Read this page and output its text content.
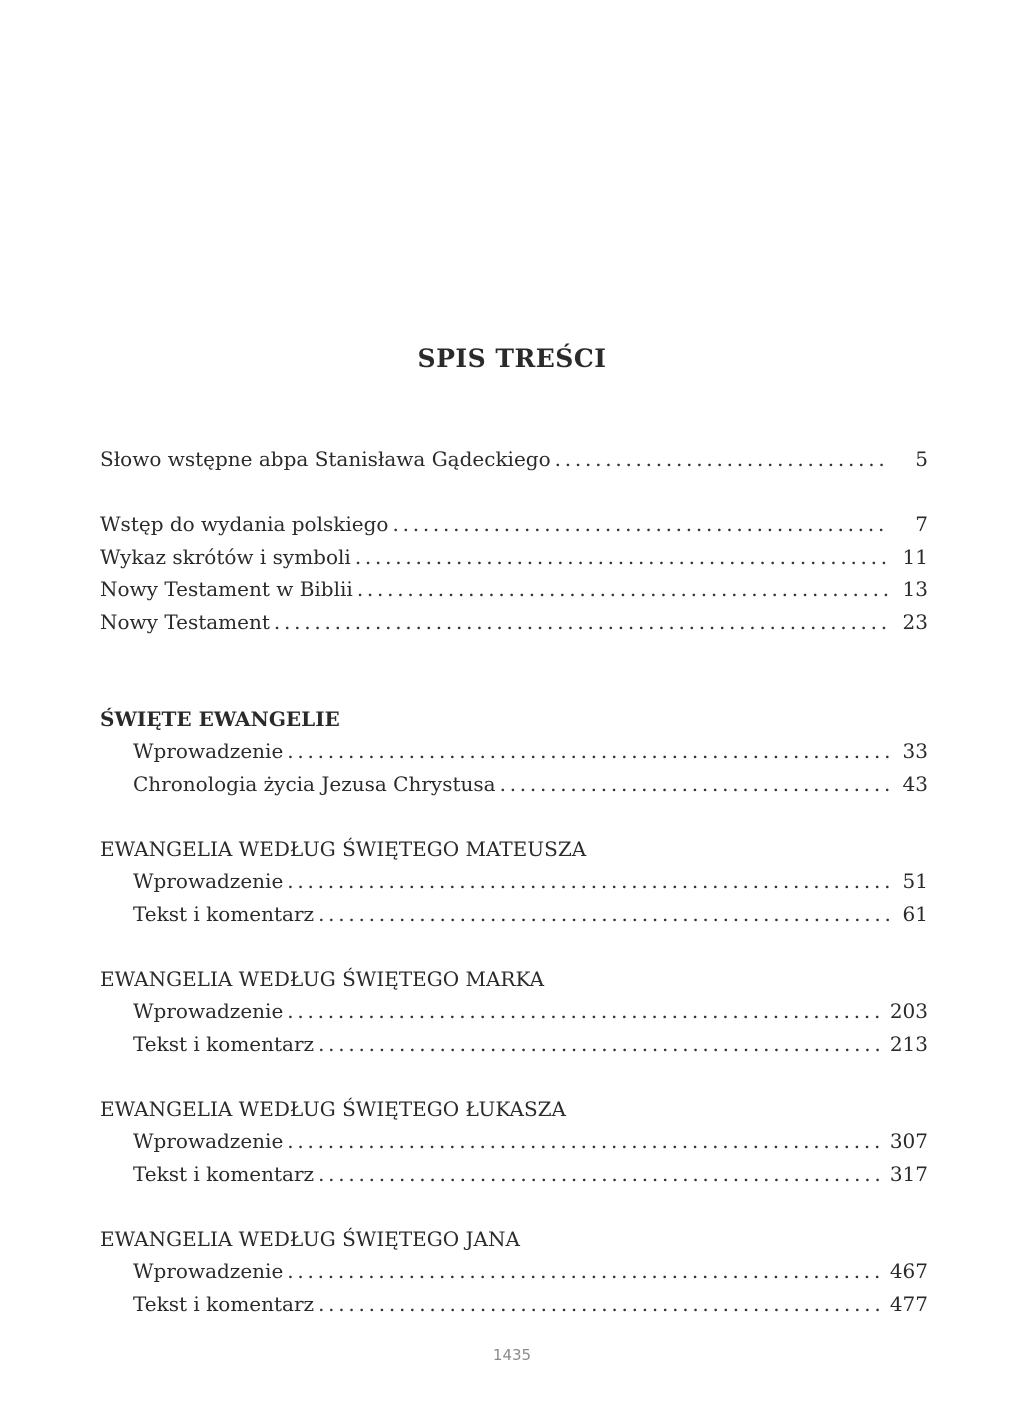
SPIS TREŚCI
Słowo wstępne abpa Stanisława Gądeckiego . . .	5
Wstęp do wydania polskiego . . .	7
Wykaz skrótów i symboli . . .	11
Nowy Testament w Biblii . . .	13
Nowy Testament . . .	23
ŚWIĘTE EWANGELIE
Wprowadzenie . . .	33
Chronologia życia Jezusa Chrystusa . . .	43
EWANGELIA WEDŁUG ŚWIĘTEGO MATEUSZA
Wprowadzenie . . .	51
Tekst i komentarz . . .	61
EWANGELIA WEDŁUG ŚWIĘTEGO MARKA
Wprowadzenie . . .	203
Tekst i komentarz . . .	213
EWANGELIA WEDŁUG ŚWIĘTEGO ŁUKASZA
Wprowadzenie . . .	307
Tekst i komentarz . . .	317
EWANGELIA WEDŁUG ŚWIĘTEGO JANA
Wprowadzenie . . .	467
Tekst i komentarz . . .	477
1435
